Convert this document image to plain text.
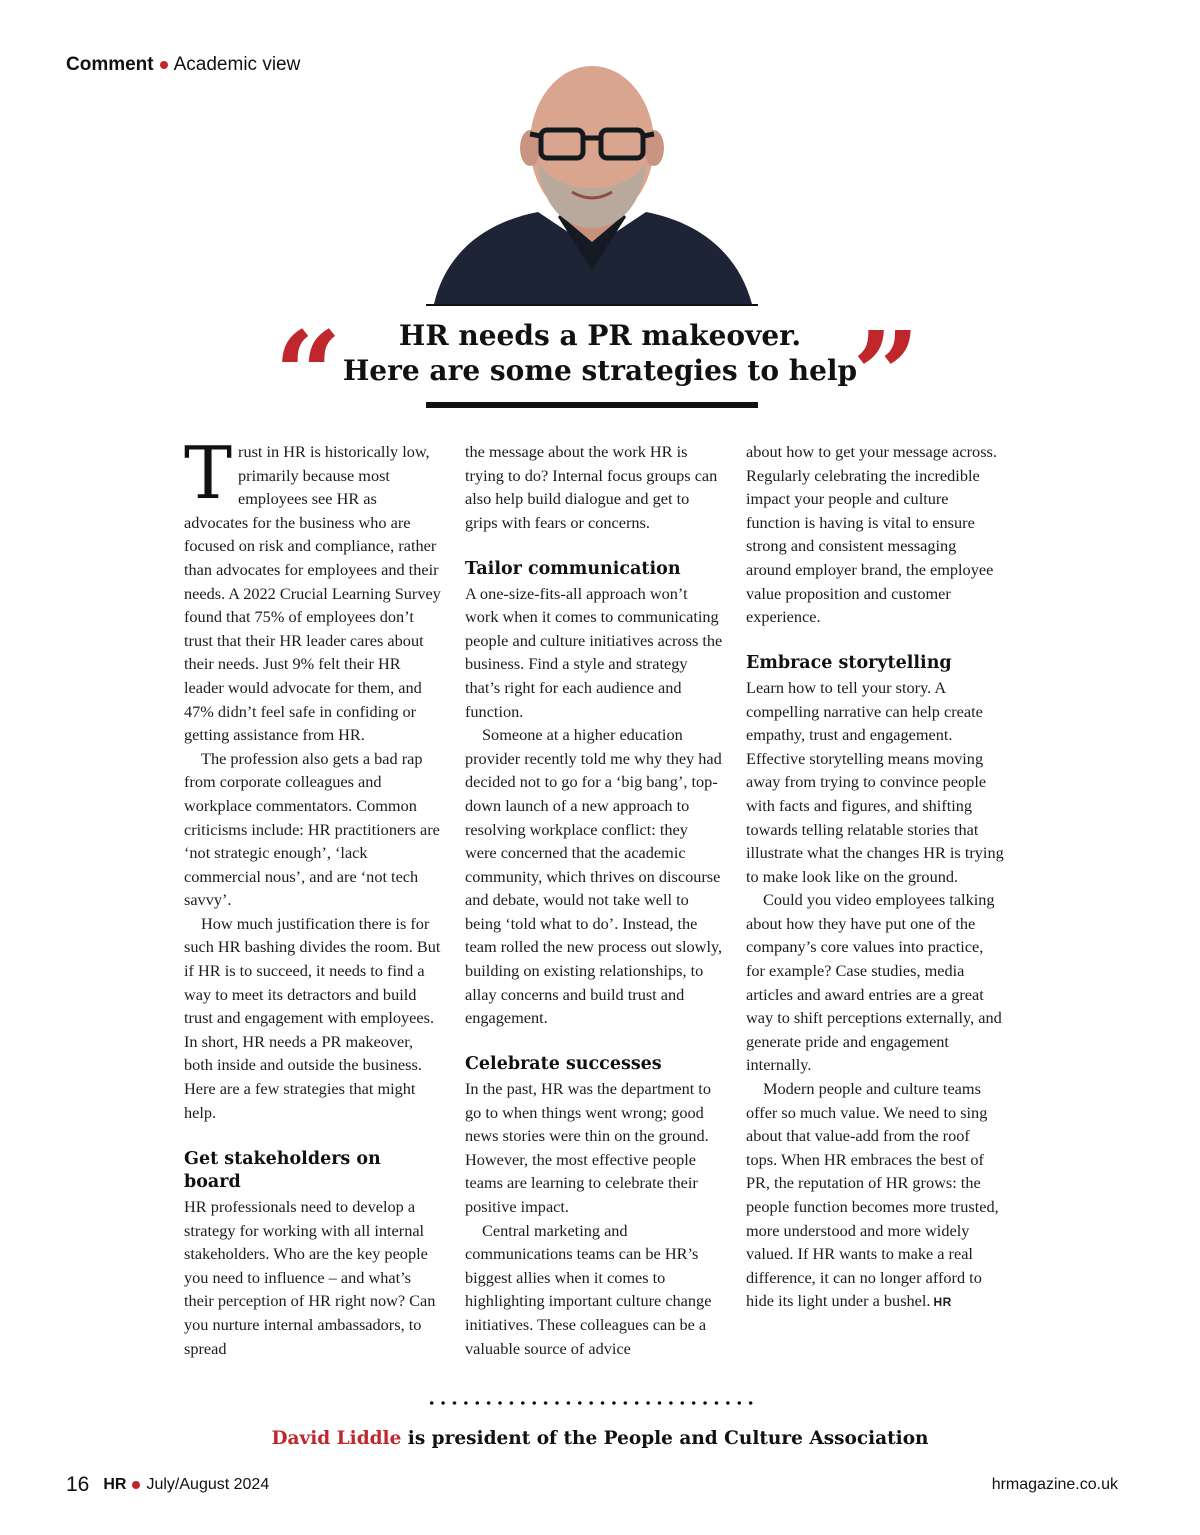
Comment Academic view
“	HR needs a PR makeover.
Here are some strategies to help
”

Trust in HR is historically low, primarily because most employees see HR as advocates for the business who are focused on risk and compliance, rather than advocates for employees and their needs. A 2022 Crucial Learning Survey found that 75% of employees don’t trust that their HR leader cares about their needs. Just 9% felt their HR leader would advocate for them, and 47% didn’t feel safe in confiding or getting assistance from HR.

The profession also gets a bad rap from corporate colleagues and workplace commentators. Common criticisms include: HR practitioners are ‘not strategic enough’, ‘lack commercial nous’, and are ‘not tech savvy’.

How much justification there is for such HR bashing divides the room. But if HR is to succeed, it needs to find a way to meet its detractors and build trust and engagement with employees. In short, HR needs a PR makeover, both inside and outside the business. Here are a few strategies that might help.

Get stakeholders on board

HR professionals need to develop a strategy for working with all internal stakeholders. Who are the key people you need to influence – and what’s their perception of HR right now? Can you nurture internal ambassadors, to spread

the message about the work HR is trying to do? Internal focus groups can also help build dialogue and get to grips with fears or concerns.

Tailor communication

A one-size-fits-all approach won’t work when it comes to communicating people and culture initiatives across the business. Find a style and strategy that’s right for each audience and function.

Someone at a higher education provider recently told me why they had decided not to go for a ‘big bang’, top-down launch of a new approach to resolving workplace conflict: they were concerned that the academic community, which thrives on discourse and debate, would not take well to being ‘told what to do’. Instead, the team rolled the new process out slowly, building on existing relationships, to allay concerns and build trust and engagement.

Celebrate successes

In the past, HR was the department to go to when things went wrong; good news stories were thin on the ground. However, the most effective people teams are learning to celebrate their positive impact.

Central marketing and communications teams can be HR’s biggest allies when it comes to highlighting important culture change initiatives. These colleagues can be a valuable source of advice

about how to get your message across. Regularly celebrating the incredible impact your people and culture function is having is vital to ensure strong and consistent messaging around employer brand, the employee value proposition and customer experience.

Embrace storytelling

Learn how to tell your story. A compelling narrative can help create empathy, trust and engagement. Effective storytelling means moving away from trying to convince people with facts and figures, and shifting towards telling relatable stories that illustrate what the changes HR is trying to make look like on the ground.

Could you video employees talking about how they have put one of the company’s core values into practice, for example? Case studies, media articles and award entries are a great way to shift perceptions externally, and generate pride and engagement internally.

Modern people and culture teams offer so much value. We need to sing about that value-add from the roof tops. When HR embraces the best of PR, the reputation of HR grows: the people function becomes more trusted, more understood and more widely valued. If HR wants to make a real difference, it can no longer afford to hide its light under a bushel. HR

David Liddle is president of the People and Culture Association
16 HR July/August 2024	hrmagazine.co.uk
